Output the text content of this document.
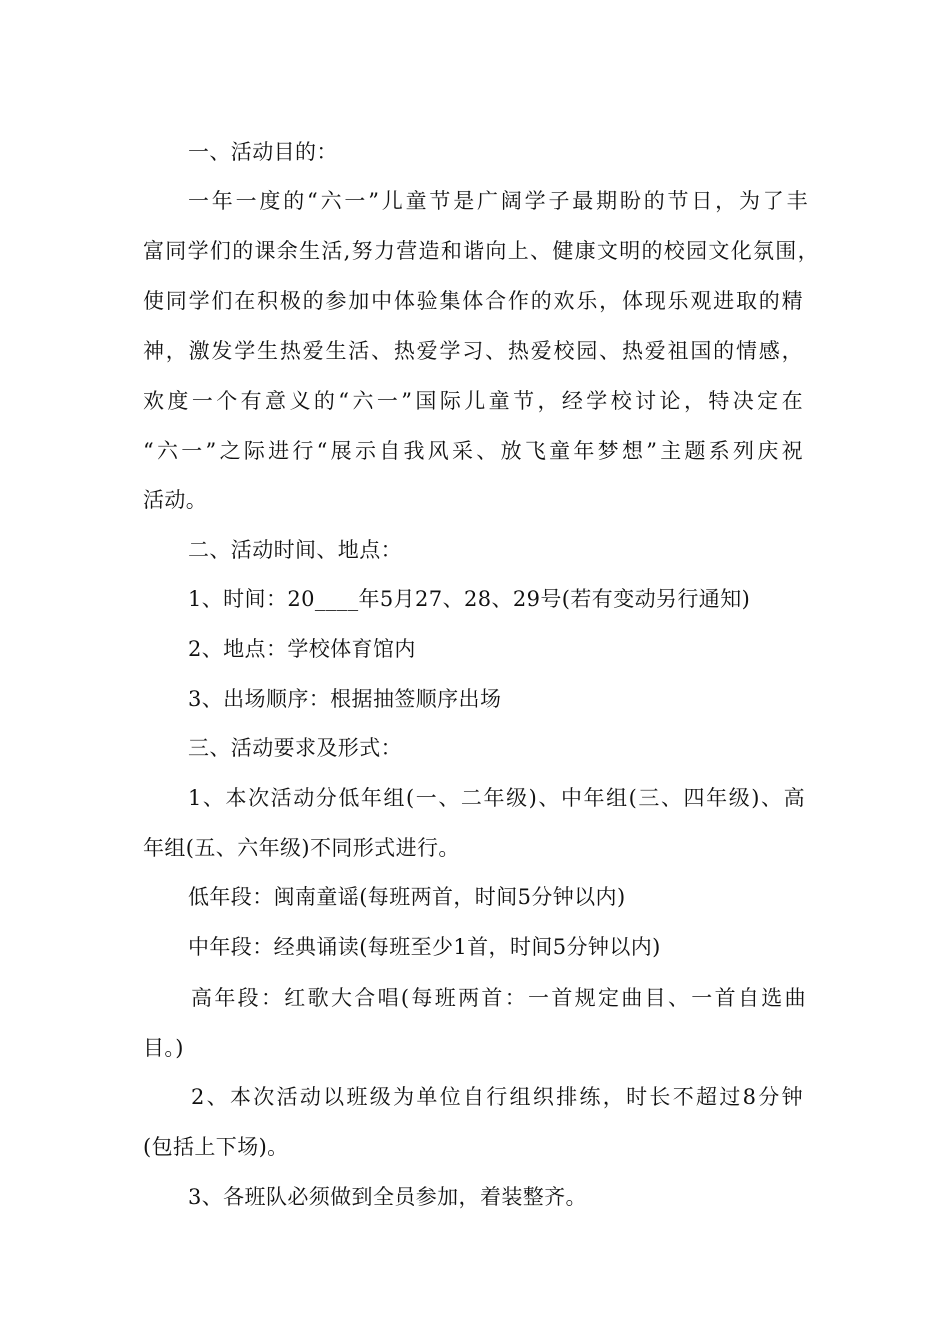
一、活动目的：
一年一度的“六一”儿童节是广阔学子最期盼的节日，为了丰
富同学们的课余生活,努力营造和谐向上、健康文明的校园文化氛围，
使同学们在积极的参加中体验集体合作的欢乐，体现乐观进取的精
神，激发学生热爱生活、热爱学习、热爱校园、热爱祖国的情感，
欢度一个有意义的“六一”国际儿童节，经学校讨论，特决定在
“六一”之际进行“展示自我风采、放飞童年梦想”主题系列庆祝
活动。
二、活动时间、地点：
1、时间：20____年5月27、28、29号(若有变动另行通知)
2、地点：学校体育馆内
3、出场顺序：根据抽签顺序出场
三、活动要求及形式：
1、本次活动分低年组(一、二年级)、中年组(三、四年级)、高
年组(五、六年级)不同形式进行。
低年段：闽南童谣(每班两首，时间5分钟以内)
中年段：经典诵读(每班至少1首，时间5分钟以内)
高年段：红歌大合唱(每班两首：一首规定曲目、一首自选曲
目。)
2、本次活动以班级为单位自行组织排练，时长不超过8分钟
(包括上下场)。
3、各班队必须做到全员参加，着装整齐。
